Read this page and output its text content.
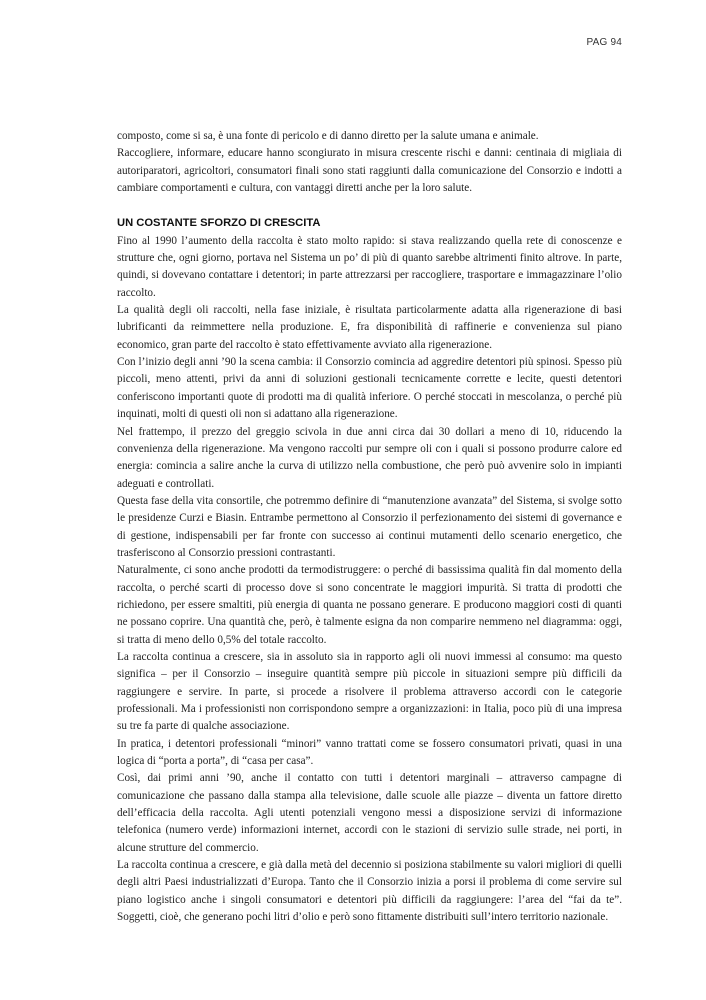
PAG 94

composto, come si sa, è una fonte di pericolo e di danno diretto per la salute umana e animale.

Raccogliere, informare, educare hanno scongiurato in misura crescente rischi e danni: centinaia di migliaia di autoriparatori, agricoltori, consumatori finali sono stati raggiunti dalla comunicazione del Consorzio e indotti a cambiare comportamenti e cultura, con vantaggi diretti anche per la loro salute.

UN COSTANTE SFORZO DI CRESCITA

Fino al 1990 l’aumento della raccolta è stato molto rapido: si stava realizzando quella rete di conoscenze e strutture che, ogni giorno, portava nel Sistema un po’ di più di quanto sarebbe altrimenti finito altrove. In parte, quindi, si dovevano contattare i detentori; in parte attrezzarsi per raccogliere, trasportare e immagazzinare l’olio raccolto.

La qualità degli oli raccolti, nella fase iniziale, è risultata particolarmente adatta alla rigenerazione di basi lubrificanti da reimmettere nella produzione. E, fra disponibilità di raffinerie e convenienza sul piano economico, gran parte del raccolto è stato effettivamente avviato alla rigenerazione.

Con l’inizio degli anni ’90 la scena cambia: il Consorzio comincia ad aggredire detentori più spinosi. Spesso più piccoli, meno attenti, privi da anni di soluzioni gestionali tecnicamente corrette e lecite, questi detentori conferiscono importanti quote di prodotti ma di qualità inferiore. O perché stoccati in mescolanza, o perché più inquinati, molti di questi oli non si adattano alla rigenerazione.

Nel frattempo, il prezzo del greggio scivola in due anni circa dai 30 dollari a meno di 10, riducendo la convenienza della rigenerazione. Ma vengono raccolti pur sempre oli con i quali si possono produrre calore ed energia: comincia a salire anche la curva di utilizzo nella combustione, che però può avvenire solo in impianti adeguati e controllati.

Questa fase della vita consortile, che potremmo definire di “manutenzione avanzata” del Sistema, si svolge sotto le presidenze Curzi e Biasin. Entrambe permettono al Consorzio il perfezionamento dei sistemi di governance e di gestione, indispensabili per far fronte con successo ai continui mutamenti dello scenario energetico, che trasferiscono al Consorzio pressioni contrastanti.

Naturalmente, ci sono anche prodotti da termodistruggere: o perché di bassissima qualità fin dal momento della raccolta, o perché scarti di processo dove si sono concentrate le maggiori impurità. Si tratta di prodotti che richiedono, per essere smaltiti, più energia di quanta ne possano generare. E producono maggiori costi di quanti ne possano coprire. Una quantità che, però, è talmente esigna da non comparire nemmeno nel diagramma: oggi, si tratta di meno dello 0,5% del totale raccolto.

La raccolta continua a crescere, sia in assoluto sia in rapporto agli oli nuovi immessi al consumo: ma questo significa – per il Consorzio – inseguire quantità sempre più piccole in situazioni sempre più difficili da raggiungere e servire. In parte, si procede a risolvere il problema attraverso accordi con le categorie professionali. Ma i professionisti non corrispondono sempre a organizzazioni: in Italia, poco più di una impresa su tre fa parte di qualche associazione.

In pratica, i detentori professionali “minori” vanno trattati come se fossero consumatori privati, quasi in una logica di “porta a porta”, di “casa per casa”.

Così, dai primi anni ’90, anche il contatto con tutti i detentori marginali – attraverso campagne di comunicazione che passano dalla stampa alla televisione, dalle scuole alle piazze – diventa un fattore diretto dell’efficacia della raccolta. Agli utenti potenziali vengono messi a disposizione servizi di informazione telefonica (numero verde) informazioni internet, accordi con le stazioni di servizio sulle strade, nei porti, in alcune strutture del commercio.

La raccolta continua a crescere, e già dalla metà del decennio si posiziona stabilmente su valori migliori di quelli degli altri Paesi industrializzati d’Europa. Tanto che il Consorzio inizia a porsi il problema di come servire sul piano logistico anche i singoli consumatori e detentori più difficili da raggiungere: l’area del “fai da te”. Soggetti, cioè, che generano pochi litri d’olio e però sono fittamente distribuiti sull’intero territorio nazionale.
